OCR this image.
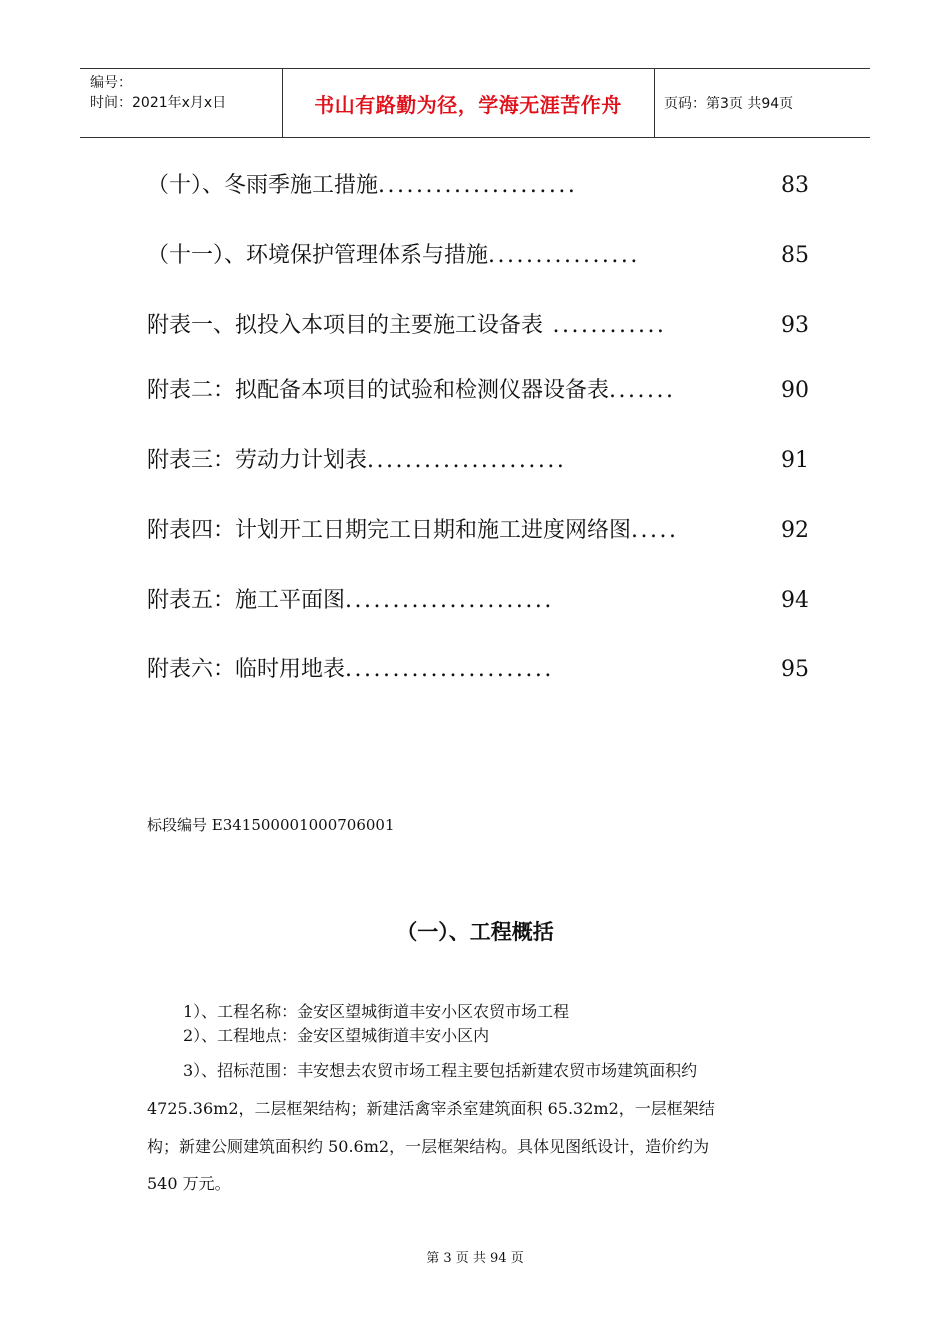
编号：
时间：2021年x月x日	书山有路勤为径，学海无涯苦作舟	页码：第3页 共94页
（十）、冬雨季施工措施.....................	83
（十一）、环境保护管理体系与措施................	85
附表一、拟投入本项目的主要施工设备表 ............	93
附表二：拟配备本项目的试验和检测仪器设备表.......	90
附表三：劳动力计划表.....................	91
附表四：计划开工日期完工日期和施工进度网络图.....	92
附表五：施工平面图......................	94
附表六：临时用地表......................	95
标段编号 E341500001000706001
（一）、工程概括
1）、工程名称：金安区望城街道丰安小区农贸市场工程
2）、工程地点：金安区望城街道丰安小区内
3）、招标范围：丰安想去农贸市场工程主要包括新建农贸市场建筑面积约
4725.36m2，二层框架结构；新建活禽宰杀室建筑面积 65.32m2，一层框架结
构；新建公厕建筑面积约 50.6m2，一层框架结构。具体见图纸设计，造价约为
540 万元。
第 3 页 共 94 页
